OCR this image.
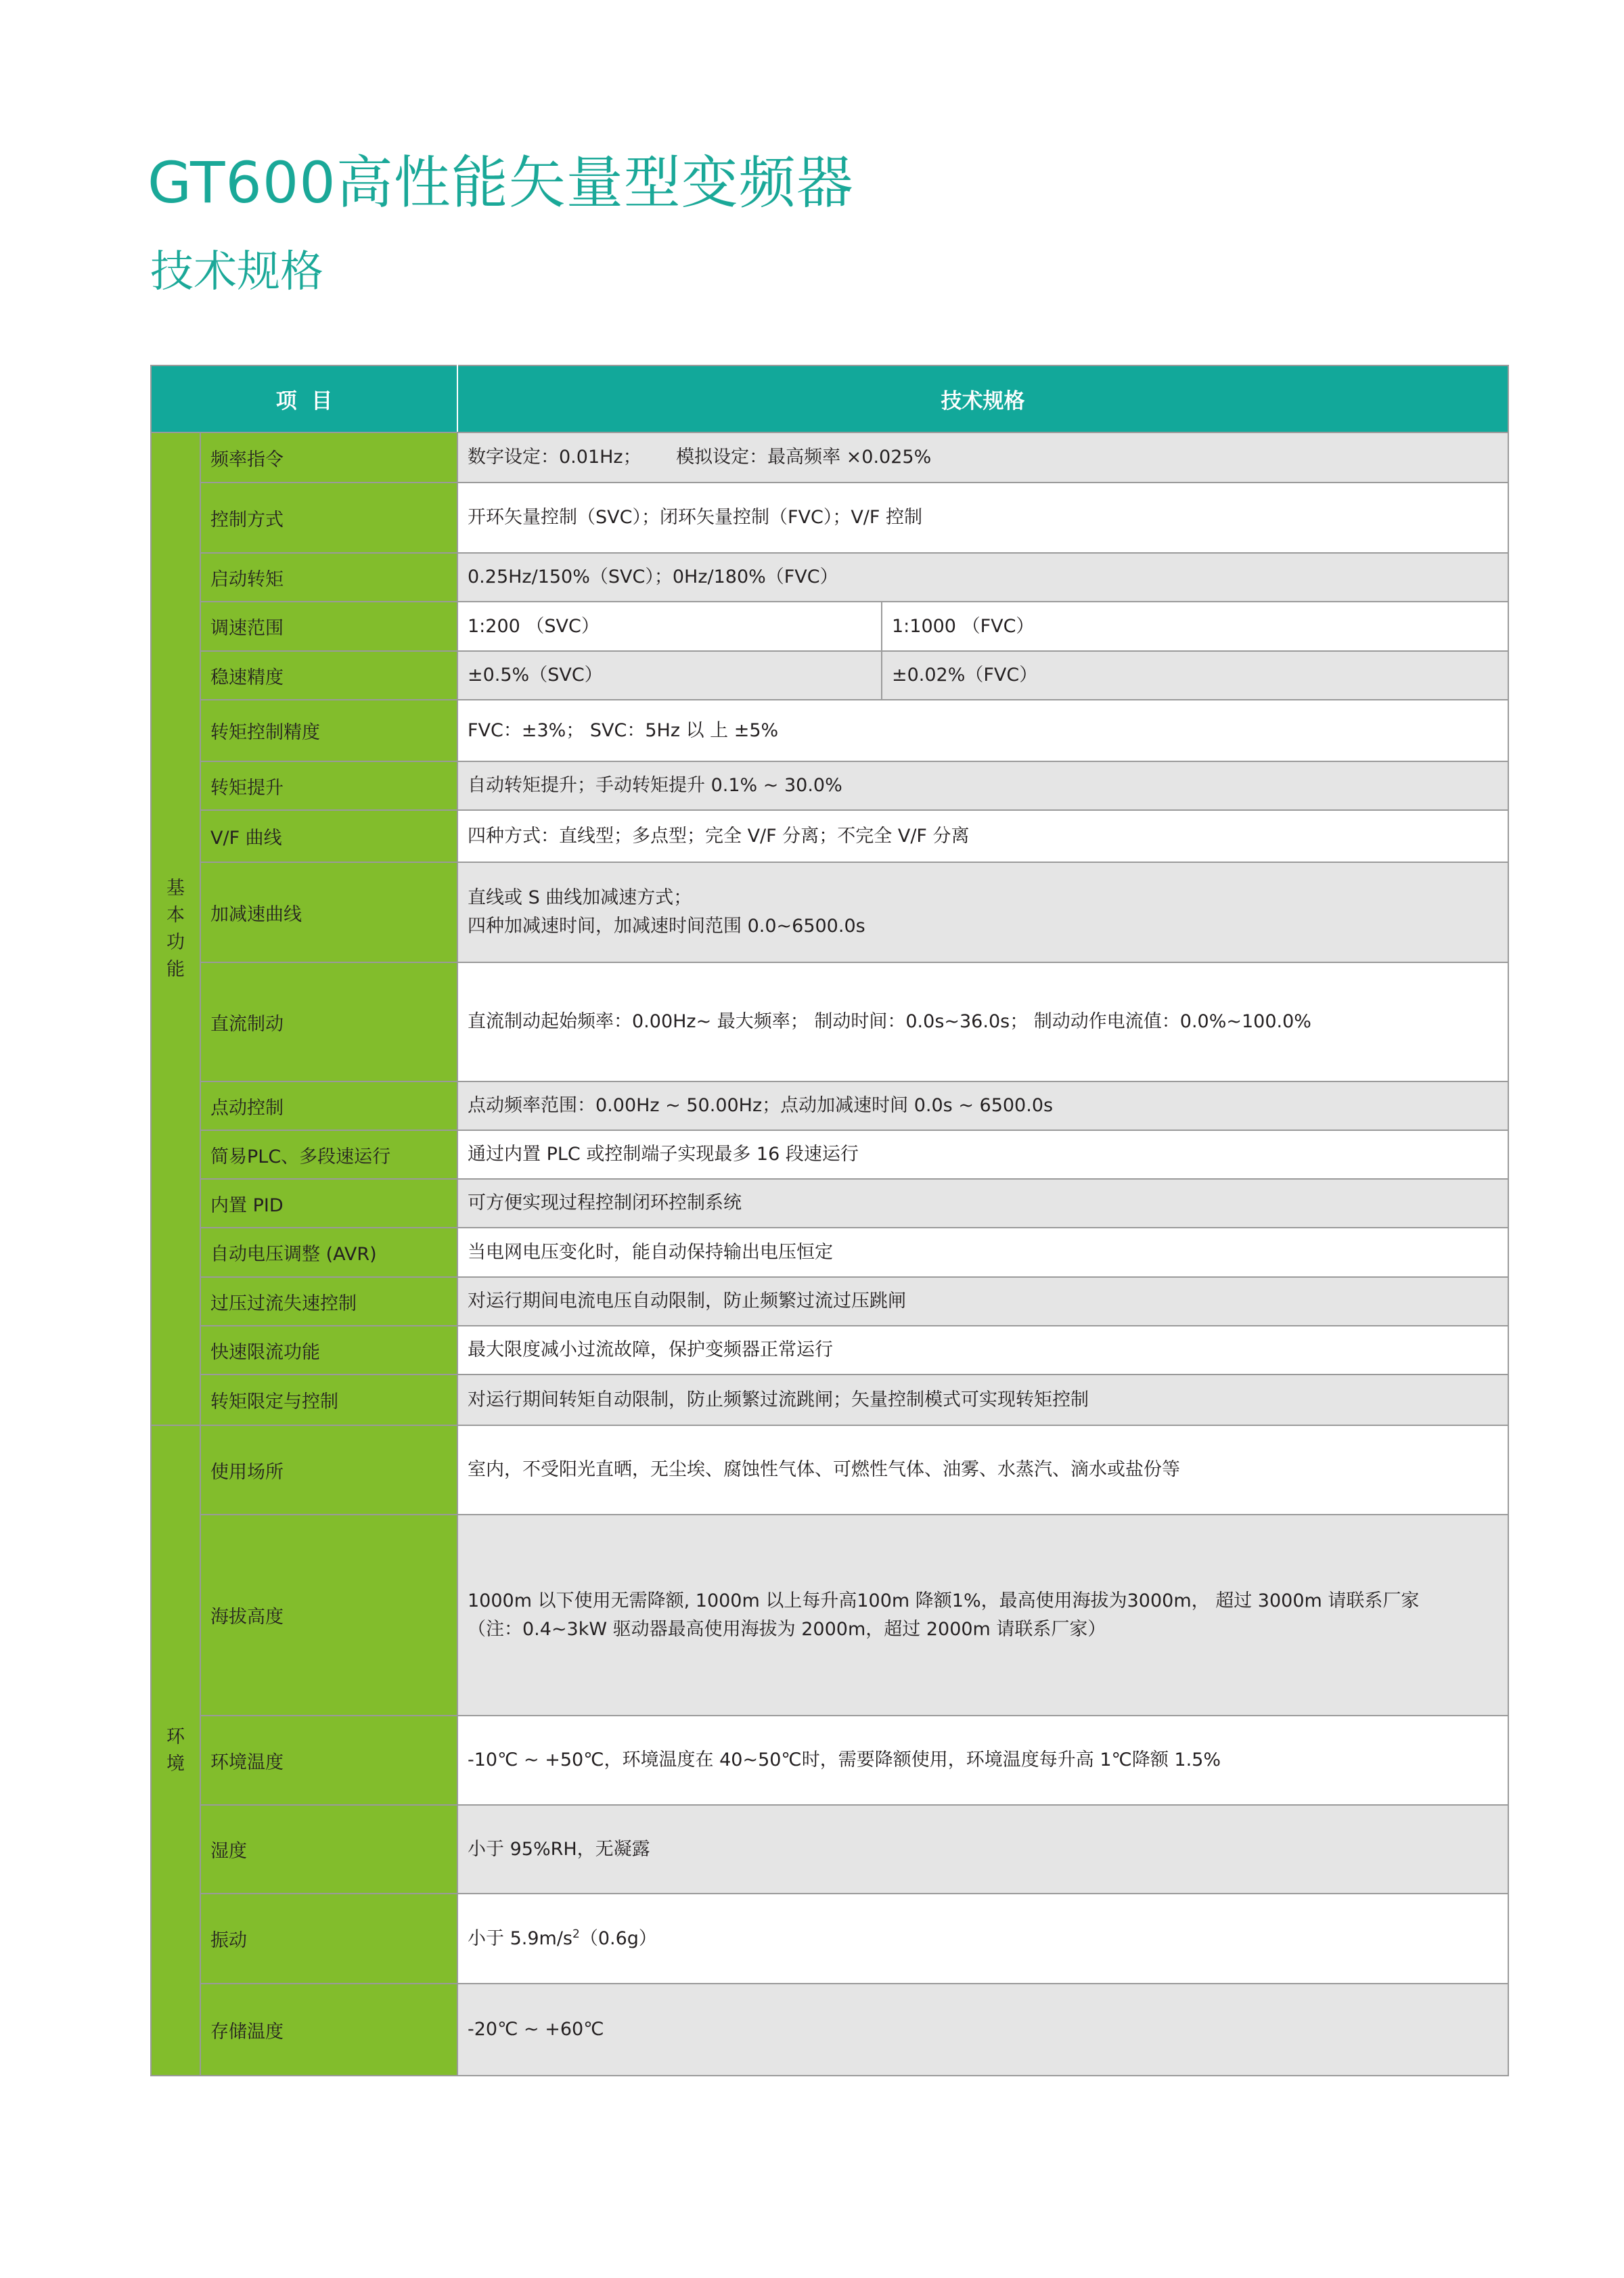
GT600高性能矢量型变频器
技术规格
项  目		技术规格	
基本功能	频率指令	数字设定：0.01Hz；      模拟设定：最高频率 ×0.025%	
	控制方式	开环矢量控制（SVC）；闭环矢量控制（FVC）；V/F 控制	
	启动转矩	0.25Hz/150%（SVC）；0Hz/180%（FVC）	
	调速范围	1:200 （SVC）	1:1000 （FVC）
	稳速精度	±0.5%（SVC）	±0.02%（FVC）
	转矩控制精度	FVC：±3%； SVC：5Hz 以 上 ±5%	
	转矩提升	自动转矩提升；手动转矩提升 0.1% ~ 30.0%	
	V/F 曲线	四种方式：直线型；多点型；完全 V/F 分离；不完全 V/F 分离	
	加减速曲线	直线或 S 曲线加减速方式；
四种加减速时间，加减速时间范围 0.0~6500.0s	

	直流制动	直流制动起始频率：0.00Hz~ 最大频率； 制动时间：0.0s~36.0s； 制动动作电流值：0.0%~100.0%	
	点动控制	点动频率范围：0.00Hz ~ 50.00Hz；点动加减速时间 0.0s ~ 6500.0s	
	简易PLC、多段速运行	通过内置 PLC 或控制端子实现最多 16 段速运行	
	内置 PID	可方便实现过程控制闭环控制系统	
	自动电压调整 (AVR)	当电网电压变化时，能自动保持输出电压恒定	
	过压过流失速控制	对运行期间电流电压自动限制，防止频繁过流过压跳闸	
	快速限流功能	最大限度减小过流故障，保护变频器正常运行	
	转矩限定与控制	对运行期间转矩自动限制，防止频繁过流跳闸；矢量控制模式可实现转矩控制	
环境	使用场所	室内，不受阳光直晒，无尘埃、腐蚀性气体、可燃性气体、油雾、水蒸汽、滴水或盐份等	
	海拔高度	1000m 以下使用无需降额, 1000m 以上每升高100m 降额1%，最高使用海拔为3000m， 超过 3000m 请联系厂家
（注：0.4~3kW 驱动器最高使用海拔为 2000m，超过 2000m 请联系厂家）	

	环境温度	-10℃ ~ +50℃，环境温度在 40~50℃时，需要降额使用，环境温度每升高 1℃降额 1.5%	
	湿度	小于 95%RH，无凝露	
	振动	小于 $5.9m/s^2(0.6g)$	
	存储温度	-20℃ ~ +60℃	
